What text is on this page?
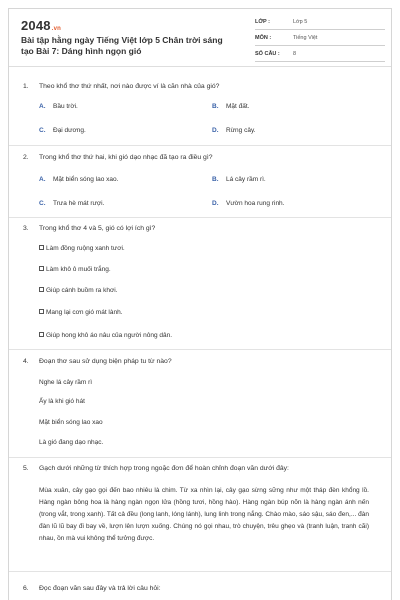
2048.vn
Bài tập hằng ngày Tiếng Việt lớp 5 Chân trời sáng tạo Bài 7: Dáng hình ngọn gió
LỚP :	Lớp 5
MÔN :	Tiếng Việt
SỐ CÂU : 8
1. Theo khổ thơ thứ nhất, nơi nào được ví là căn nhà của gió?
A. Bầu trời.	B. Mặt đất.
C. Đại dương.	D. Rừng cây.
2. Trong khổ thơ thứ hai, khi gió dạo nhạc đã tạo ra điều gì?
A. Mặt biển sóng lao xao.	B. Lá cây rầm rì.
C. Trưa hè mát rượi.	D. Vườn hoa rung rinh.
3. Trong khổ thơ 4 và 5, gió có lợi ích gì?
Làm đồng ruộng xanh tươi.
Làm khô ô muối trắng.
Giúp cánh buồm ra khơi.
Mang lại cơn gió mát lành.
Giúp hong khô áo nâu của người nông dân.
4. Đoạn thơ sau sử dụng biện pháp tu từ nào?
Nghe lá cây rầm rì
Ấy là khi gió hát
Mặt biển sóng lao xao
Là gió đang dạo nhạc.
5. Gạch dưới những từ thích hợp trong ngoặc đơn để hoàn chỉnh đoạn văn dưới đây:
Mùa xuân, cây gạo gọi đến bao nhiêu là chim. Từ xa nhìn lại, cây gạo sừng sững như một tháp đèn khổng lồ. Hàng ngàn bông hoa là hàng ngàn ngọn lửa (hồng tươi, hồng hào). Hàng ngàn búp nõn là hàng ngàn ánh nến (trong vắt, trong xanh). Tất cả đều (long lanh, lóng lánh), lung linh trong nắng. Chào mào, sáo sậu, sáo đen,... đàn đàn lũ lũ bay đi bay về, lượn lên lượn xuống. Chúng nó gọi nhau, trò chuyện, trêu ghẹo và (tranh luận, tranh cãi) nhau, ồn mà vui không thể tưởng được.
6. Đọc đoạn văn sau đây và trả lời câu hỏi:
